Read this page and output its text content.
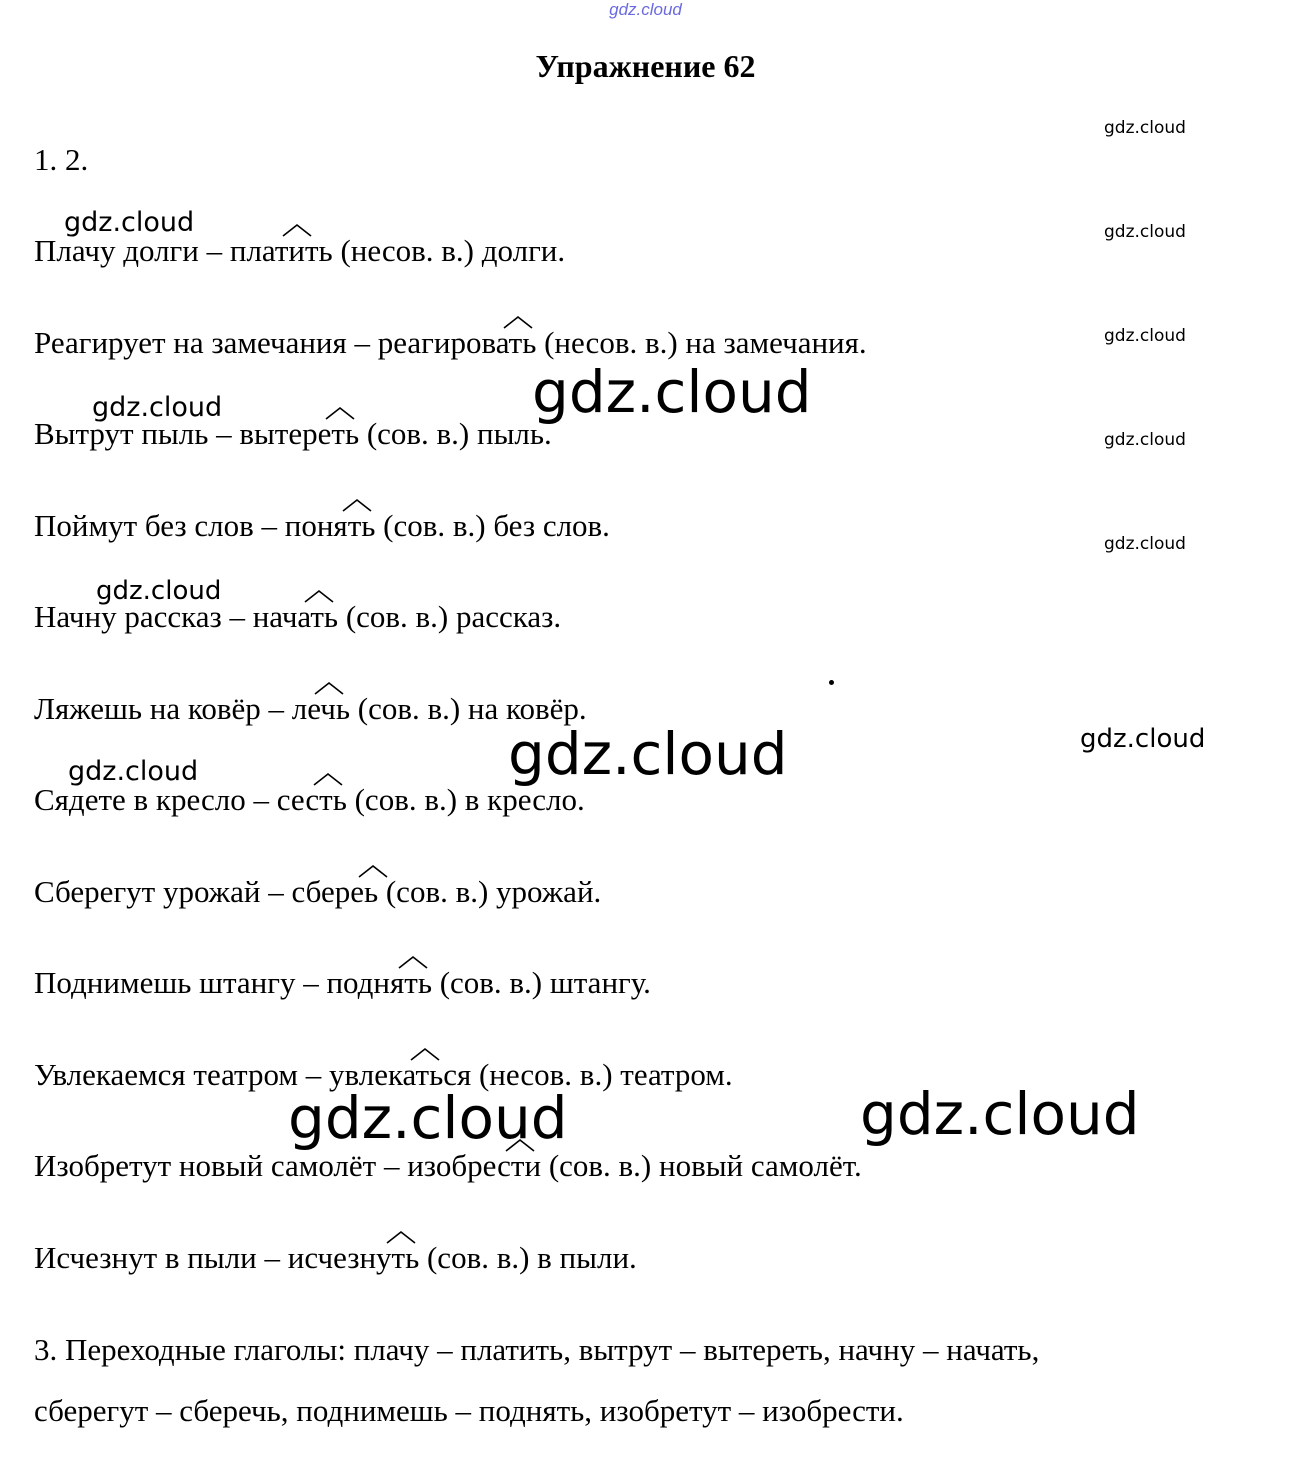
gdz.cloud
Упражнение 62
1. 2.
Плачу долги – платить
(несов. в.) долги.
Реагирует на замечания – реагировать
(несов. в.) на замечания.
Вытрут пыль – вытереть
(сов. в.) пыль.
Поймут без слов – понять
(сов. в.) без слов.
Начну рассказ – начать
(сов. в.) рассказ.
Ляжешь на ковёр – лечь
(сов. в.) на ковёр.
Сядете в кресло – сесть
(сов. в.) в кресло.
Сберегут урожай – сбереь
(сов. в.) урожай.
Поднимешь штангу – поднять
(сов. в.) штангу.
Увлекаемся театром – увлекаться
(несов. в.) театром.
Изобретут новый самолёт – изобрести
(сов. в.) новый самолёт.
Исчезнут в пыли – исчезнуть
(сов. в.) в пыли.
3. Переходные глаголы: плачу – платить, вытрут – вытереть, начну – начать,
сберегут – сберечь, поднимешь – поднять, изобретут – изобрести.
gdz.cloud
gdz.cloud
gdz.cloud
gdz.cloud
gdz.cloud
gdz.cloud
gdz.cloud
gdz.cloud
gdz.cloud
gdz.cloud
gdz.cloud
gdz.cloud
gdz.cloud	gdz.cloud
